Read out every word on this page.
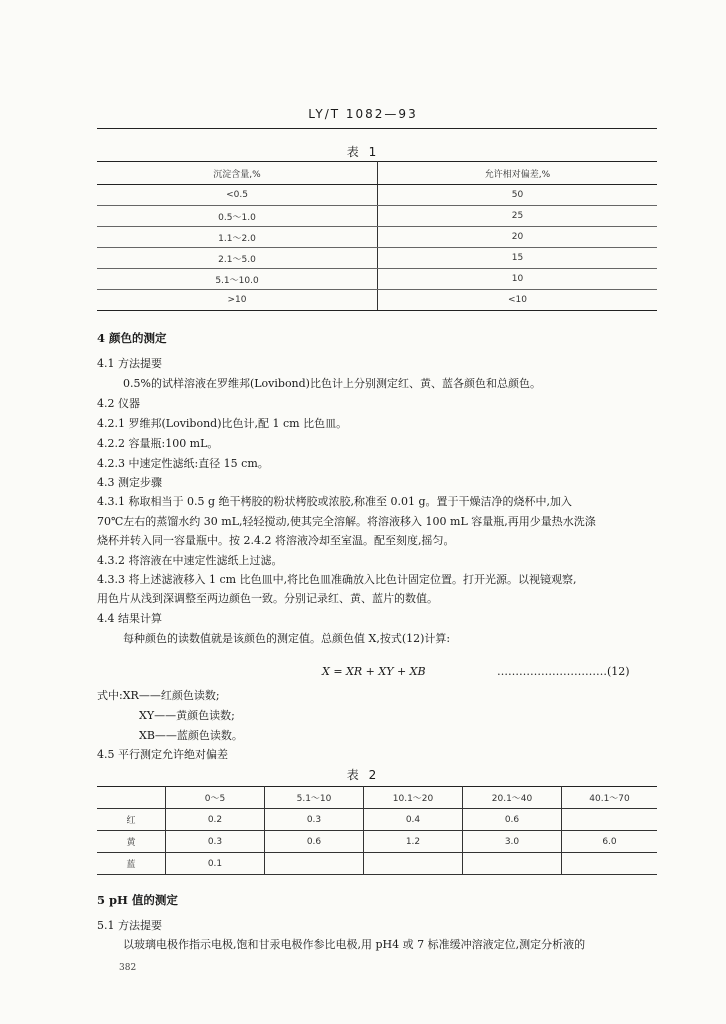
LY/T 1082—93
表 1
沉淀含量,%	允许相对偏差,%
<0.5	50
0.5～1.0	25
1.1～2.0	20
2.1～5.0	15
5.1～10.0	10
>10	<10
4 颜色的测定
4.1 方法提要
0.5%的试样溶液在罗维邦(Lovibond)比色计上分别测定红、黄、蓝各颜色和总颜色。
4.2 仪器
4.2.1 罗维邦(Lovibond)比色计,配 1 cm 比色皿。
4.2.2 容量瓶:100 mL。
4.2.3 中速定性滤纸:直径 15 cm。
4.3 测定步骤
4.3.1 称取相当于 0.5 g 绝干栲胶的粉状栲胶或浓胶,称准至 0.01 g。置于干燥洁净的烧杯中,加入
70℃左右的蒸馏水约 30 mL,轻轻搅动,使其完全溶解。将溶液移入 100 mL 容量瓶,再用少量热水洗涤
烧杯并转入同一容量瓶中。按 2.4.2 将溶液冷却至室温。配至刻度,摇匀。
4.3.2 将溶液在中速定性滤纸上过滤。
4.3.3 将上述滤液移入 1 cm 比色皿中,将比色皿准确放入比色计固定位置。打开光源。以视镜观察,
用色片从浅到深调整至两边颜色一致。分别记录红、黄、蓝片的数值。
4.4 结果计算
每种颜色的读数值就是该颜色的测定值。总颜色值 X,按式(12)计算:
X = XR + XY + XB	…………………………(12)
式中:XR——红颜色读数;
XY——黄颜色读数;
XB——蓝颜色读数。
4.5 平行测定允许绝对偏差
表 2
	0～5	5.1～10	10.1～20	20.1～40	40.1～70
红	0.2	0.3	0.4	0.6	
黄	0.3	0.6	1.2	3.0	6.0
蓝	0.1				
5 pH 值的测定
5.1 方法提要
以玻璃电极作指示电极,饱和甘汞电极作参比电极,用 pH4 或 7 标准缓冲溶液定位,测定分析液的
382
